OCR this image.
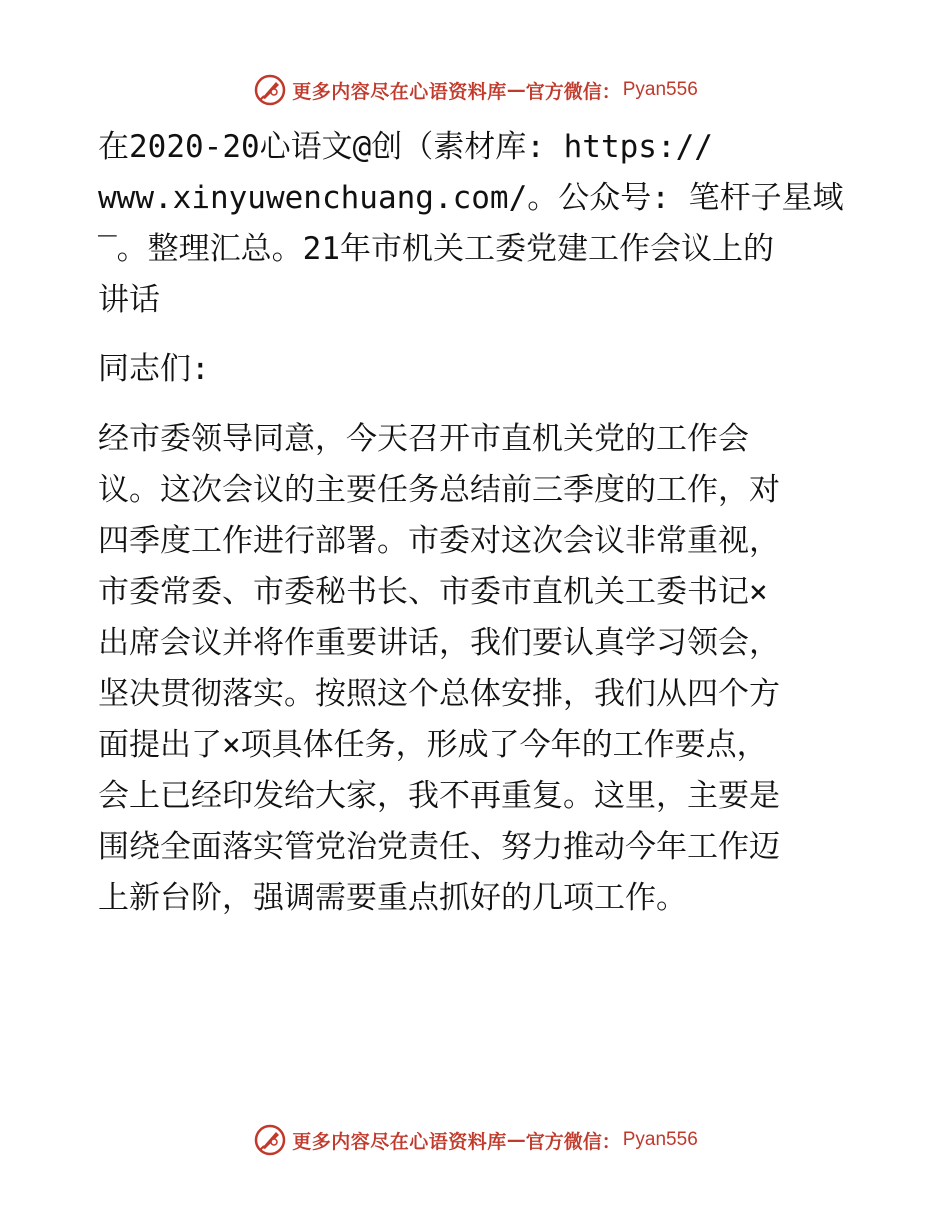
更多内容尽在心语资料库 — 官方微信： Pyan556
在2020-20心语文@创（素材库: https://
www.xinyuwenchuang.com/。公众号: 笔杆子星域
‾。整理汇总。21年市机关工委党建工作会议上的
讲话
同志们:
经市委领导同意，今天召开市直机关党的工作会
议。这次会议的主要任务总结前三季度的工作，对
四季度工作进行部署。市委对这次会议非常重视，
市委常委、市委秘书长、市委市直机关工委书记×
出席会议并将作重要讲话，我们要认真学习领会，
坚决贯彻落实。按照这个总体安排，我们从四个方
面提出了×项具体任务，形成了今年的工作要点，
会上已经印发给大家，我不再重复。这里，主要是
围绕全面落实管党治党责任、努力推动今年工作迈
上新台阶，强调需要重点抓好的几项工作。
更多内容尽在心语资料库 — 官方微信： Pyan556
